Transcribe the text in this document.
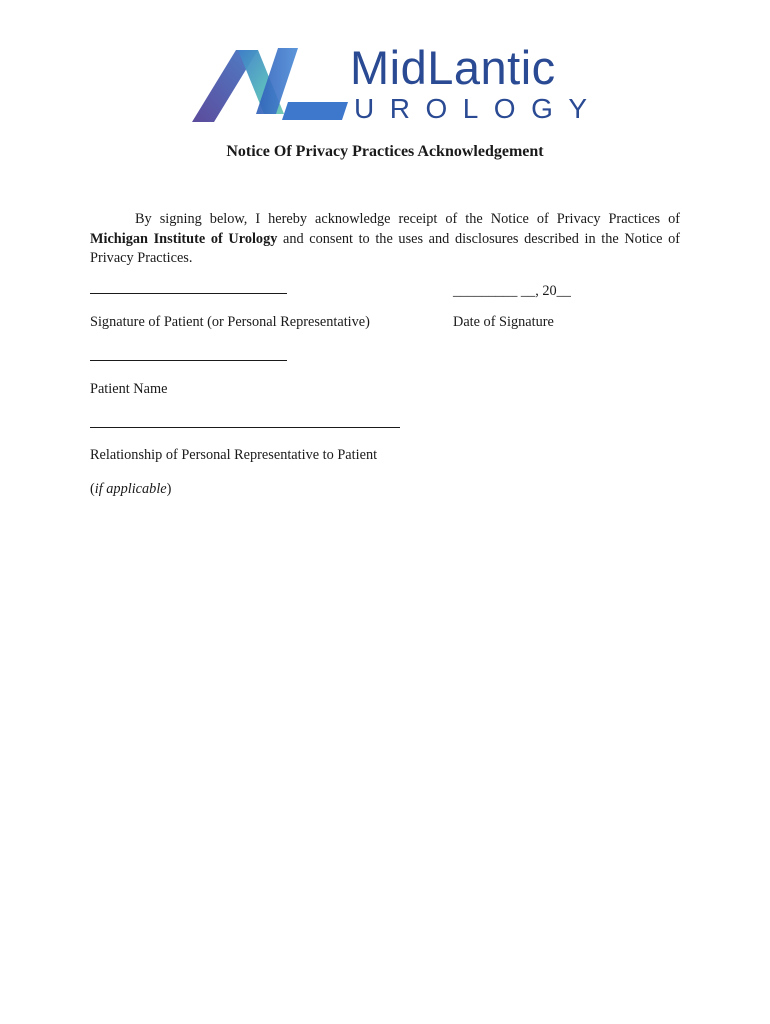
MidLantic
UROLOGY
Notice Of Privacy Practices Acknowledgement
By signing below, I hereby acknowledge receipt of the Notice of Privacy Practices of Michigan Institute of Urology and consent to the uses and disclosures described in the Notice of Privacy Practices.
_________ __, 20__
Signature of Patient (or Personal Representative)	Date of Signature
Patient Name
Relationship of Personal Representative to Patient
(if applicable)
